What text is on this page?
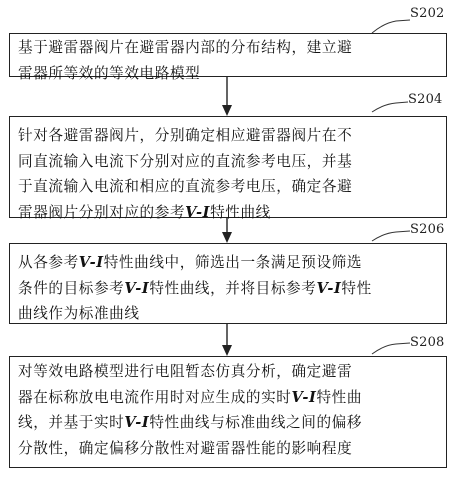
S202
S204
S206
S208

基于避雷器阀片在避雷器内部的分布结构，建立避

雷器所等效的等效电路模型

针对各避雷器阀片，分别确定相应避雷器阀片在不

同直流输入电流下分别对应的直流参考电压，并基

于直流输入电流和相应的直流参考电压，确定各避

雷器阀片分别对应的参考V-I特性曲线

从各参考V-I特性曲线中，筛选出一条满足预设筛选

条件的目标参考V-I特性曲线，并将目标参考V-I特性

曲线作为标准曲线

对等效电路模型进行电阻暂态仿真分析，确定避雷

器在标称放电电流作用时对应生成的实时V-I特性曲

线，并基于实时V-I特性曲线与标准曲线之间的偏移

分散性，确定偏移分散性对避雷器性能的影响程度
